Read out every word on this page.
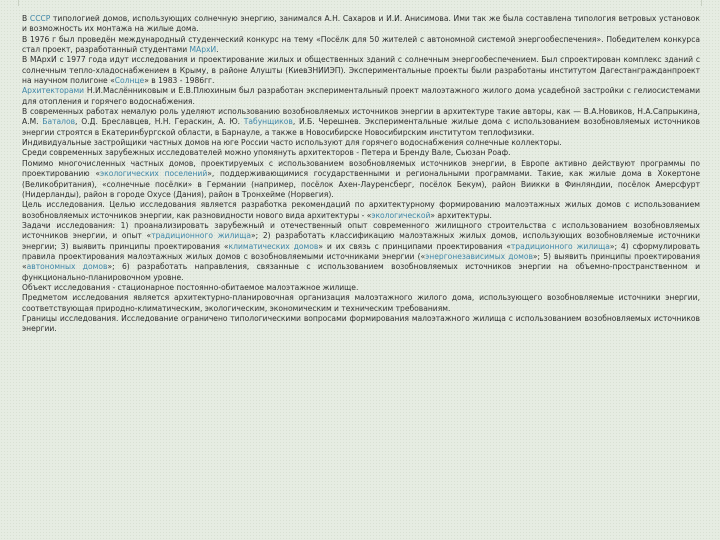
В СССР типологией домов, использующих солнечную энергию, занимался А.Н. Сахаров и И.И. Анисимова. Ими так же была составлена типология ветровых установок и возможность их монтажа на жилые дома.

В 1976 г был проведён международный студенческий конкурс на тему «Посёлк для 50 жителей с автономной системой энергообеспечения». Победителем конкурса стал проект, разработанный студентами МАрхИ.

В МАрхИ с 1977 года идут исследования и проектирование жилых и общественных зданий с солнечным энергообеспечением. Был спроектирован комплекс зданий с солнечным тепло-хладоснабжением в Крыму, в районе Алушты (КиевЗНИИЭП). Экспериментальные проекты были разработаны институтом Дагестангражданпроект на научном полигоне «Солнце» в 1983 - 1986гг.

Архитекторами Н.И.Маслённиковым и Е.В.Плюхиным был разработан экспериментальный проект малоэтажного жилого дома усадебной застройки с гелиосистемами для отопления и горячего водоснабжения.

В современных работах немалую роль уделяют использованию возобновляемых источников энергии в архитектуре такие авторы, как — В.А.Новиков, Н.А.Сапрыкина, А.М. Баталов, О.Д. Бреславцев, Н.Н. Гераскин, А. Ю. Табунщиков, И.Б. Черешнев. Экспериментальные жилые дома с использованием возобновляемых источников энергии строятся в Екатеринбургской области, в Барнауле, а также в Новосибирске Новосибирским институтом теплофизики.

Индивидуальные застройщики частных домов на юге России часто используют для горячего водоснабжения солнечные коллекторы.

Среди современных зарубежных исследователей можно упомянуть архитекторов - Петера и Бренду Вале, Сьюзан Роаф.

Помимо многочисленных частных домов, проектируемых с использованием возобновляемых источников энергии, в Европе активно действуют программы по проектированию «экологических поселений», поддерживающимися государственными и региональными программами. Такие, как жилые дома в Хокертоне (Великобритания), «солнечные посёлки» в Германии (например, посёлок Ахен-Лауренсберг, посёлок Бекум), район Виикки в Финляндии, посёлок Амерсфурт (Нидерланды), район в городе Охусе (Дания), район в Тронхейме (Норвегия).

Цель исследования. Целью исследования является разработка рекомендаций по архитектурному формированию малоэтажных жилых домов с использованием возобновляемых источников энергии, как разновидности нового вида архитектуры - «экологической» архитектуры.

Задачи исследования: 1) проанализировать зарубежный и отечественный опыт современного жилищного строительства с использованием возобновляемых источников энергии, и опыт «традиционного жилища»; 2) разработать классификацию малоэтажных жилых домов, использующих возобновляемые источники энергии; 3) выявить принципы проектирования «климатических домов» и их связь с принципами проектирования «традиционного жилища»; 4) сформулировать правила проектирования малоэтажных жилых домов с возобновляемыми источниками энергии («энергонезависимых домов»; 5) выявить принципы проектирования «автономных домов»; 6) разработать направления, связанные с использованием возобновляемых источников энергии на объемно-пространственном и функционально-планировочном уровне.

Объект исследования - стационарное постоянно-обитаемое малоэтажное жилище.

Предметом исследования является архитектурно-планировочная организация малоэтажного жилого дома, использующего возобновляемые источники энергии, соответствующая природно-климатическим, экологическим, экономическим и техническим требованиям.

Границы исследования. Исследование ограничено типологическими вопросами формирования малоэтажного жилища с использованием возобновляемых источников энергии.
